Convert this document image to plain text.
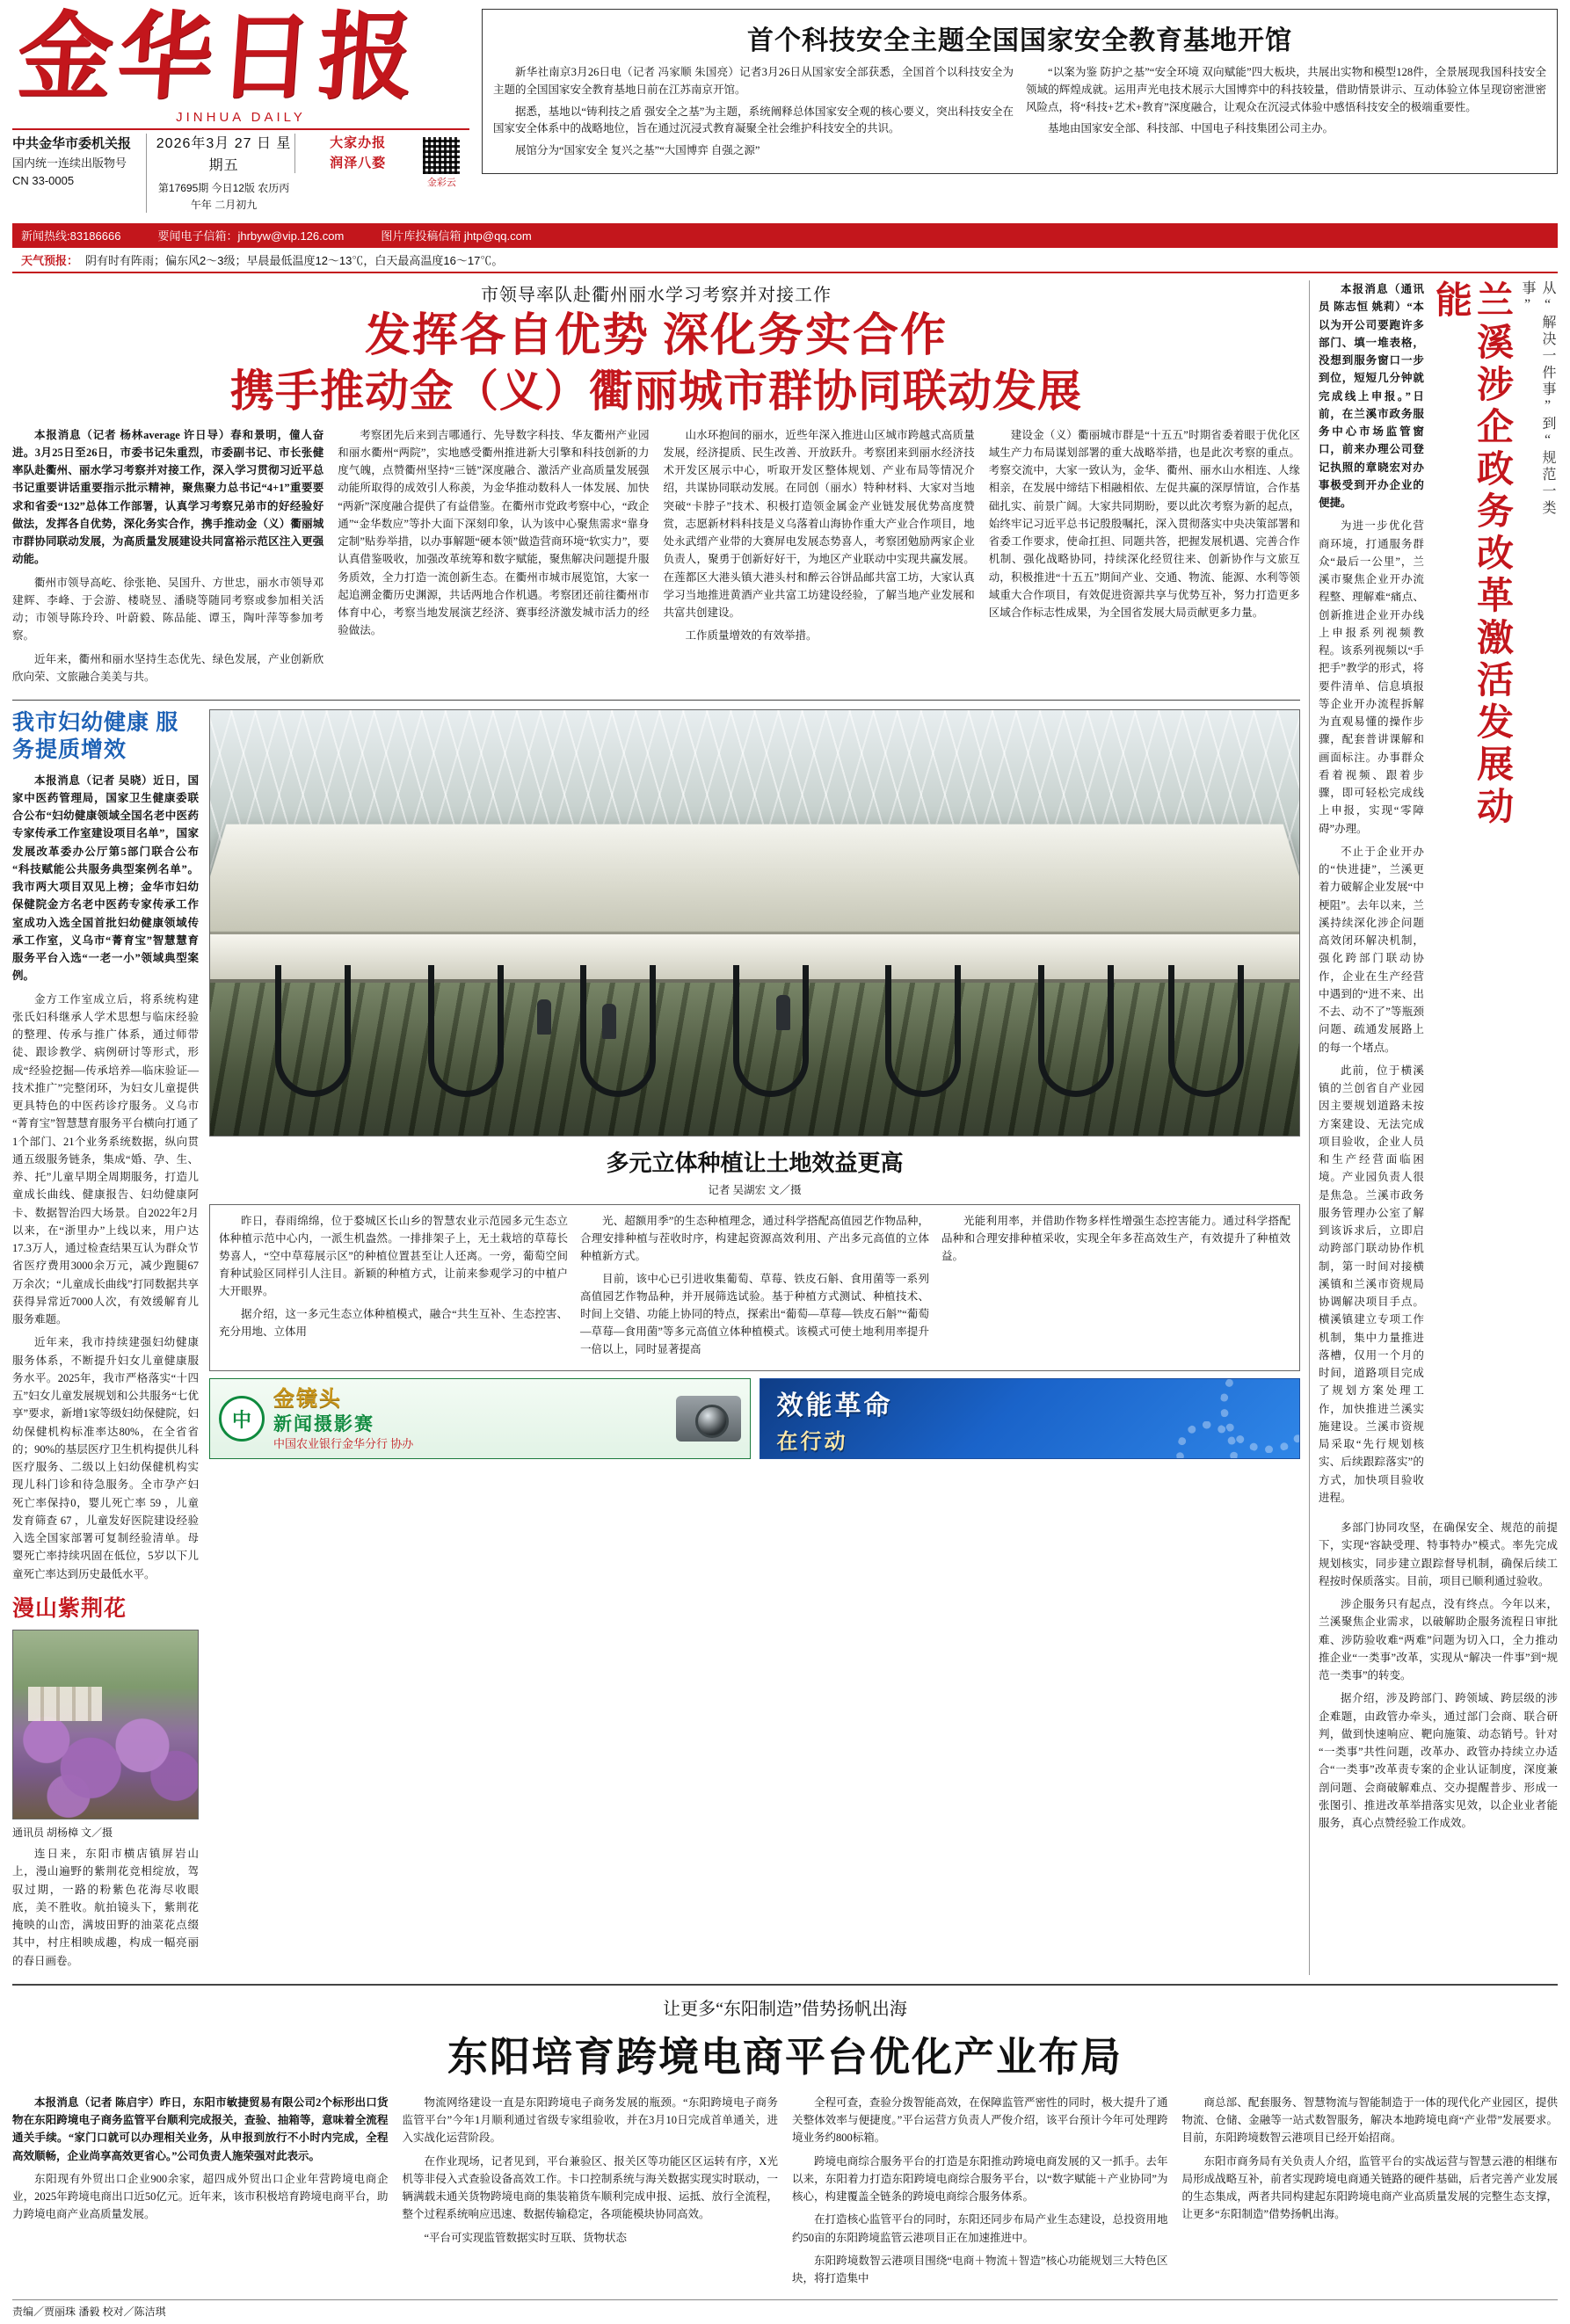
金华日报
JINHUA DAILY
中共金华市委机关报
国内统一连续出版物号
CN 33-0005
2026年3月 27 日 星期五
第17695期 今日12版 农历丙午年 二月初九
大家办报
润泽八婺
金彩云
首个科技安全主题全国国家安全教育基地开馆

新华社南京3月26日电（记者 冯家顺 朱国亮）记者3月26日从国家安全部获悉，全国首个以科技安全为主题的全国国家安全教育基地日前在江苏南京开馆。

据悉，基地以“铸利技之盾 强安全之基”为主题，系统阐释总体国家安全观的核心要义，突出科技安全在国家安全体系中的战略地位，旨在通过沉浸式教育凝聚全社会维护科技安全的共识。

展馆分为“国家安全 复兴之基”“大国博弈 自强之源”

“以案为鉴 防护之基”“安全环境 双向赋能”四大板块，共展出实物和模型128件，全景展现我国科技安全领域的辉煌成就。运用声光电技术展示大国博弈中的科技较量，借助情景讲示、互动体验立体呈现窃密泄密风险点，将“科技+艺术+教育”深度融合，让观众在沉浸式体验中感悟科技安全的极端重要性。

基地由国家安全部、科技部、中国电子科技集团公司主办。

新闻热线:83186666	要闻电子信箱：jhrbyw@vip.126.com	图片库投稿信箱 jhtp@qq.com
天气预报： 阴有时有阵雨；偏东风2～3级；早晨最低温度12～13℃，白天最高温度16～17℃。
市领导率队赴衢州丽水学习考察并对接工作
发挥各自优势 深化务实合作
携手推动金（义）衢丽城市群协同联动发展

本报消息（记者 杨林average 许日导）春和景明，僮人奋进。3月25日至26日，市委书记朱重烈，市委副书记、市长张健率队赴衢州、丽水学习考察并对接工作，深入学习贯彻习近平总书记重要讲话重要指示批示精神，聚焦聚力总书记“4+1”重要要求和省委“132”总体工作部署，认真学习考察兄弟市的好经验好做法，发挥各自优势，深化务实合作，携手推动金（义）衢丽城市群协同联动发展，为高质量发展建设共同富裕示范区注入更强动能。

衢州市领导高屹、徐张艳、吴国升、方世忠，丽水市领导邓建辉、李峰、于会游、楼晓昱、潘晓等随同考察或参加相关活动；市领导陈玲玲、叶蔚毅、陈品能、谭玉，陶叶萍等参加考察。

近年来，衢州和丽水坚持生态优先、绿色发展，产业创新欣欣向荣、文旅融合美美与共。

考察团先后来到吉哪通行、先导数字科技、华友衢州产业园和丽水衢州“两院”，实地感受衢州推进新大引擎和科技创新的力度气魄，点赞衢州坚持“三链”深度融合、激活产业高质量发展强动能所取得的成效引人称羨，为金华推动数科人一体发展、加快“两新”深度融合提供了有益借鉴。在衢州市党政考察中心，“政企通”“金华数应”等扑大面下深刻印象，认为该中心聚焦需求“靠身定制”贴券举措，以办事解题“硬本领”做造营商环境“软实力”，要认真借鉴吸收，加强改革统筹和数字赋能，聚焦解决问题提升服务质效，全力打造一流创新生态。在衢州市城市展览馆，大家一起追溯金衢历史渊源，共话两地合作机遇。考察团还前往衢州市体育中心，考察当地发展演艺经济、赛事经济激发城市活力的经验做法。

山水环抱间的丽水，近些年深入推进山区城市跨越式高质量发展，经济提质、民生改善、开放跃升。考察团来到丽水经济技术开发区展示中心，听取开发区整体规划、产业布局等情况介绍，共谋协同联动发展。在同创（丽水）特种材料、大家对当地突破“卡脖子”技术、积极打造领金属金产业链发展优势高度赞赏，志愿新材料科技是义乌落着山海协作重大产业合作项目，地处永武缙产业带的大赛屏电发展态势喜人，考察团勉励两家企业负责人，聚勇于创新好好干，为地区产业联动中实现共赢发展。在莲都区大港头镇大港头村和醉云谷饼品邮共富工坊，大家认真学习当地推进黄酒产业共富工坊建设经验，了解当地产业发展和共富共创建设。

工作质量增效的有效举措。

建设金（义）衢丽城市群是“十五五”时期省委着眼于优化区域生产力布局谋划部署的重大战略举措，也是此次考察的重点。考察交流中，大家一致认为，金华、衢州、丽水山水相连、人缘相亲，在发展中缔结下相融相依、左促共赢的深厚情谊，合作基础扎实、前景广阔。大家共同期盼，要以此次考察为新的起点，始终牢记习近平总书记殷殷嘱托，深入贯彻落实中央决策部署和省委工作要求，使命扛担、同题共答，把握发展机遇、完善合作机制、强化战略协同，持续深化经贸往来、创新协作与文旅互动，积极推进“十五五”期间产业、交通、物流、能源、水利等领域重大合作项目，有效促进资源共享与优势互补，努力打造更多区域合作标志性成果，为全国省发展大局贡献更多力量。

我市妇幼健康 服务提质增效

本报消息（记者 吴晓）近日，国家中医药管理局，国家卫生健康委联合公布“妇幼健康领域全国名老中医药专家传承工作室建设项目名单”，国家发展改革委办公厅第5部门联合公布“科技赋能公共服务典型案例名单”。我市两大项目双见上榜；金华市妇幼保健院金方名老中医药专家传承工作室成功入选全国首批妇幼健康领域传承工作室，义乌市“菁育宝”智慧慧育服务平台入选“一老一小”领域典型案例。

金方工作室成立后，将系统构建张氏妇科继承人学术思想与临床经验的整理、传承与推广体系，通过师带徒、跟诊教学、病例研讨等形式，形成“经验挖掘—传承培养—临床验证—技术推广”完整闭环，为妇女儿童提供更具特色的中医药诊疗服务。义乌市“菁育宝”智慧慧育服务平台横向打通了1个部门、21个业务系统数据，纵向贯通五级服务链条，集成“婚、孕、生、养、托”儿童早期全周期服务，打造儿童成长曲线、健康报告、妇幼健康阿卡、数据智治四大场景。自2022年2月以来，在“浙里办”上线以来，用户达17.3万人，通过检查结果互认为群众节省医疗费用3000余万元，减少跑腿67万余次；“儿童成长曲线”打同数据共享获得异常近7000人次，有效缓解育儿服务难题。

近年来，我市持续建强妇幼健康服务体系，不断提升妇女儿童健康服务水平。2025年，我市严格落实“十四五”妇女儿童发展规划和公共服务“七优享”要求，新增1家等级妇幼保健院，妇幼保健机构标准率达80%，在全省省的；90%的基层医疗卫生机构提供儿科医疗服务、二级以上妇幼保健机构实现儿科门诊和待急服务。全市孕产妇死亡率保持0，婴儿死亡率 59 ，儿童发育筛查 67 ，儿童发好医院建设经验入选全国家部署可复制经验清单。母婴死亡率持续巩固在低位，5岁以下儿童死亡率达到历史最低水平。

漫山紫荆花
通讯员 胡杨樟 文／摄

连日来，东阳市横店镇屏岩山上，漫山遍野的紫荆花竞相绽放，驾驭过期，一路的粉紫色花海尽收眼底，美不胜收。航拍镜头下，紫荆花掩映的山峦，满坡田野的油菜花点缀其中，村庄相映成趣，构成一幅亮丽的春日画卷。

多元立体种植让土地效益更高
记者 吴湖宏 文／摄

昨日，春雨绵绵，位于婺城区长山乡的智慧农业示范园多元生态立体种植示范中心内，一派生机盎然。一排排架子上，无土栽培的草莓长势喜人，“空中草莓展示区”的种植位置甚至让人还离。一旁，葡萄空间育种试验区同样引人注目。新颖的种植方式，让前来参观学习的中植户大开眼界。

据介绍，这一多元生态立体种植模式，融合“共生互补、生态控害、充分用地、立体用

光、超额用季”的生态种植理念，通过科学搭配高值园艺作物品种，合理安排种植与茬收时序，构建起资源高效利用、产出多元高值的立体种植新方式。

目前，该中心已引进收集葡萄、草莓、铁皮石斛、食用菌等一系列高值园艺作物品种，并开展筛选试验。基于种植方式测试、种植技术、时间上交错、功能上协同的特点，探索出“葡萄—草莓—铁皮石斛”“葡萄—草莓—食用菌”等多元高值立体种植模式。该模式可使土地利用率提升一倍以上，同时显著提高

光能利用率，并借助作物多样性增强生态控害能力。通过科学搭配品种和合理安排种植采收，实现全年多茬高效生产，有效提升了种植效益。

中
金镜头
新闻摄影赛
中国农业银行金华分行 协办
效能革命
在行动
从“解决一件事”到“规范一类事”
兰溪涉企政务改革激活发展动能

本报消息（通讯员 陈志恒 姚莉）“本以为开公司要跑许多部门、填一堆表格，没想到服务窗口一步到位，短短几分钟就完成线上申报。”日前，在兰溪市政务服务中心市场监管窗口，前来办理公司登记执照的章晓宏对办事极受到开办企业的便捷。

为进一步优化营商环境，打通服务群众“最后一公里”，兰溪市聚焦企业开办流程整、理解难“痛点、创新推进企业开办线上申报系列视频教程。该系列视频以“手把手”教学的形式，将要件清单、信息填报等企业开办流程拆解为直观易懂的操作步骤，配套普讲课解和画面标注。办事群众看着视频、跟着步骤，即可轻松完成线上申报，实现“零障碍”办理。

不止于企业开办的“快进捷”，兰溪更着力破解企业发展“中梗阻”。去年以来，兰溪持续深化涉企问题高效闭环解决机制，强化跨部门联动协作，企业在生产经营中遇到的“进不来、出不去、动不了”等瓶颈问题、疏通发展路上的每一个堵点。

此前，位于横溪镇的兰创省自产业园因主要规划道路未按方案建设、无法完成项目验收，企业人员和生产经营面临困境。产业园负责人很是焦急。兰溪市政务服务管理办公室了解到该诉求后，立即启动跨部门联动协作机制，第一时间对接横溪镇和兰溪市资规局协调解决项目手点。横溪镇建立专项工作机制，集中力量推进落槽，仅用一个月的时间，道路项目完成了规划方案处理工作，加快推进兰溪实施建设。兰溪市资规局采取“先行规划核实、后续跟踪落实”的方式，加快项目验收进程。

多部门协同攻坚，在确保安全、规范的前提下，实现“容缺受理、特事特办”模式。率先完成规划核实，同步建立跟踪督导机制，确保后续工程按时保质落实。目前，项目已顺利通过验收。

涉企服务只有起点，没有终点。今年以来，兰溪聚焦企业需求，以破解助企服务流程日审批难、涉防验收难“两难”问题为切入口，全力推动推企业“一类事”改革，实现从“解决一件事”到“规范一类事”的转变。

据介绍，涉及跨部门、跨领域、跨层级的涉企难题，由政管办牵头，通过部门会商、联合研判，做到快速响应、靶向施策、动态销号。针对“一类事”共性问题，改革办、政管办持续立办适合“一类事”改革责专案的企业认证制度，深度兼剖问题、会商破解难点、交办提醒普步、形成一张图引、推进改革举措落实见效，以企业业者能服务，真心点赞经验工作成效。

让更多“东阳制造”借势扬帆出海
东阳培育跨境电商平台优化产业布局

本报消息（记者 陈启宇）昨日，东阳市敏捷贸易有限公司2个标形出口货物在东阳跨境电子商务监管平台顺利完成报关，查验、抽箱等，意味着全流程通关手续。“家门口就可以办理相关业务，从申报到放行不小时内完成，全程高效顺畅，企业尚享高效更省心。”公司负责人施荣强对此表示。

东阳现有外贸出口企业900余家，超四成外贸出口企业年营跨境电商企业，2025年跨境电商出口近50亿元。近年来，该市积极培育跨境电商平台，助力跨境电商产业高质量发展。

物流网络建设一直是东阳跨境电子商务发展的瓶颈。“东阳跨境电子商务监管平台”今年1月顺利通过省级专家组验收，并在3月10日完成首单通关，进入实战化运营阶段。

在作业现场，记者见到，平台兼验区、报关区等功能区区运转有序，X光机等非侵入式查验设备高效工作。卡口控制系统与海关数据实现实时联动，一辆满载未通关货物跨境电商的集装箱货车顺利完成申报、运抵、放行全流程，整个过程系统响应迅速、数据传输稳定，各项能模块协同高效。

“平台可实现监管数据实时互联、货物状态

全程可查，查验分拨智能高效，在保障监管严密性的同时，极大提升了通关整体效率与便捷度。”平台运营方负责人严俊介绍，该平台预计今年可处理跨境业务约800标箱。

跨境电商综合服务平台的打造是东阳推动跨境电商发展的又一抓手。去年以来，东阳着力打造东阳跨境电商综合服务平台，以“数字赋能＋产业协同”为核心，构建覆盖全链条的跨境电商综合服务体系。

在打造核心监管平台的同时，东阳还同步布局产业生态建设，总投资用地约50亩的东阳跨境监管云港项目正在加速推进中。

东阳跨境数智云港项目围绕“电商＋物流＋智造”核心功能规划三大特色区块，将打造集中

商总部、配套服务、智慧物流与智能制造于一体的现代化产业园区，提供物流、仓储、金融等一站式数智服务，解决本地跨境电商“产业带”发展要求。目前，东阳跨境数智云港项目已经开始招商。

东阳市商务局有关负责人介绍，监管平台的实战运营与智慧云港的相继布局形成战略互补，前者实现跨境电商通关链路的硬件基础，后者完善产业发展的生态集成，两者共同构建起东阳跨境电商产业高质量发展的完整生态支撑，让更多“东阳制造”借势扬帆出海。

责编／贾丽珠 潘毅 校对／陈洁琪
